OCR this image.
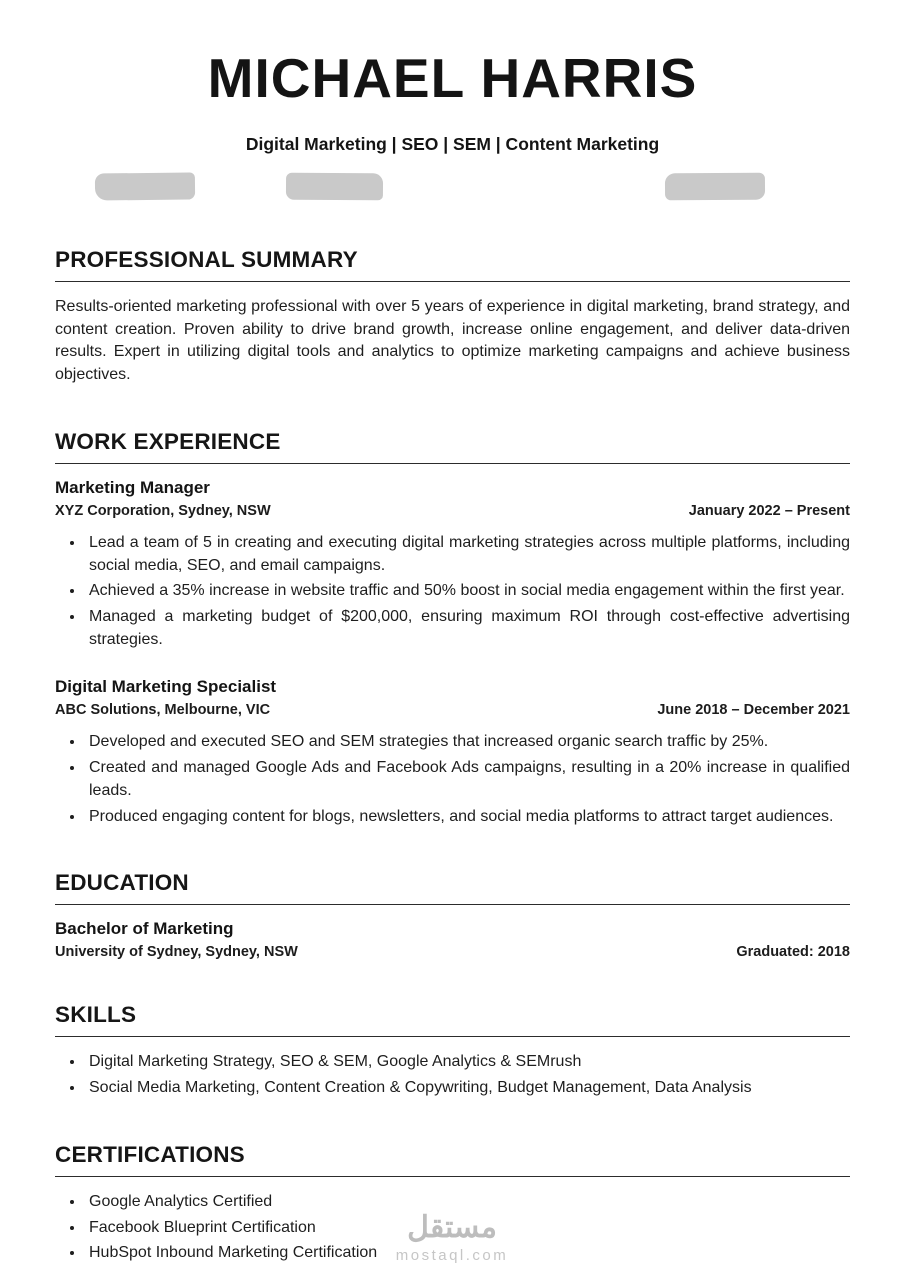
MICHAEL HARRIS
Digital Marketing | SEO | SEM | Content Marketing
PROFESSIONAL SUMMARY

Results-oriented marketing professional with over 5 years of experience in digital marketing, brand strategy, and content creation. Proven ability to drive brand growth, increase online engagement, and deliver data-driven results. Expert in utilizing digital tools and analytics to optimize marketing campaigns and achieve business objectives.

WORK EXPERIENCE
Marketing Manager
XYZ Corporation, Sydney, NSW	January 2022 – Present
• Lead a team of 5 in creating and executing digital marketing strategies across multiple platforms, including social media, SEO, and email campaigns.
• Achieved a 35% increase in website traffic and 50% boost in social media engagement within the first year.
• Managed a marketing budget of $200,000, ensuring maximum ROI through cost-effective advertising strategies.
Digital Marketing Specialist
ABC Solutions, Melbourne, VIC	June 2018 – December 2021
• Developed and executed SEO and SEM strategies that increased organic search traffic by 25%.
• Created and managed Google Ads and Facebook Ads campaigns, resulting in a 20% increase in qualified leads.
• Produced engaging content for blogs, newsletters, and social media platforms to attract target audiences.
EDUCATION
Bachelor of Marketing
University of Sydney, Sydney, NSW	Graduated: 2018
SKILLS
• Digital Marketing Strategy, SEO & SEM, Google Analytics & SEMrush
• Social Media Marketing, Content Creation & Copywriting, Budget Management, Data Analysis
CERTIFICATIONS
• Google Analytics Certified
• Facebook Blueprint Certification
• HubSpot Inbound Marketing Certification
مستقل
mostaql.com
